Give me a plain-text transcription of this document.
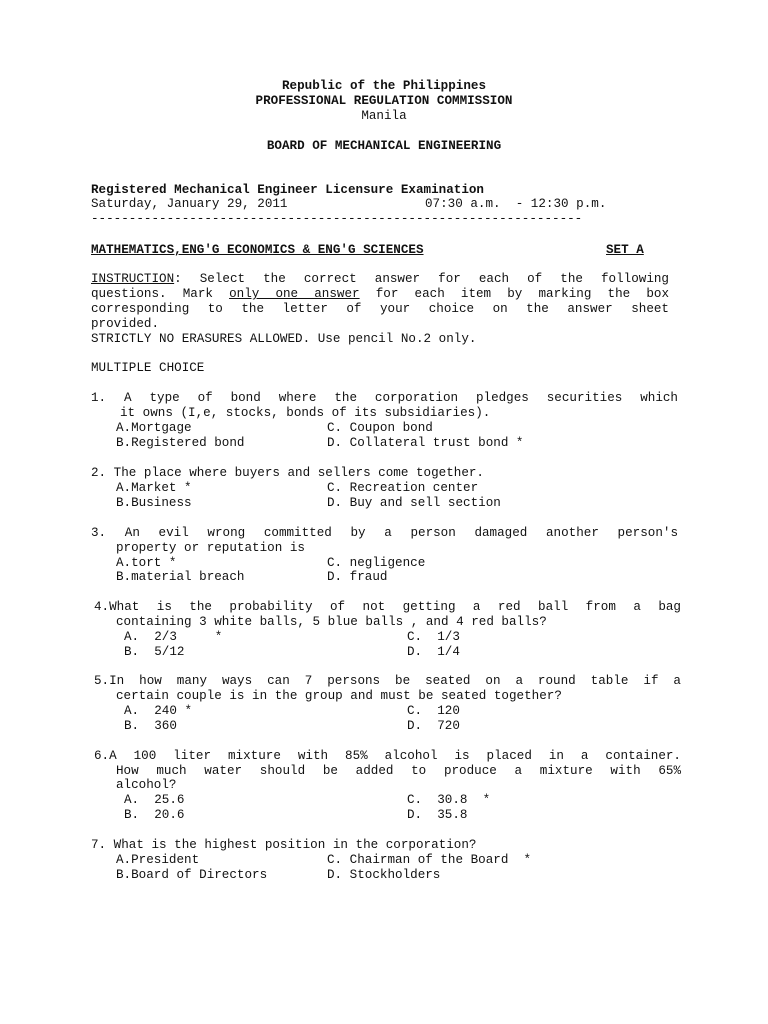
Republic of the Philippines
PROFESSIONAL REGULATION COMMISSION
Manila
BOARD OF MECHANICAL ENGINEERING
Registered Mechanical Engineer Licensure Examination
Saturday, January 29, 2011	07:30 a.m.  - 12:30 p.m.
-----------------------------------------------------------------
MATHEMATICS,ENG'G ECONOMICS & ENG'G SCIENCES	SET A
INSTRUCTION: Select the correct answer for each of the following
questions. Mark only one answer for each item by marking the box
corresponding to the letter of your choice on the answer sheet
provided.
STRICTLY NO ERASURES ALLOWED. Use pencil No.2 only.
MULTIPLE CHOICE
1. A type of bond where the corporation pledges securities which
it owns (I,e, stocks, bonds of its subsidiaries).
A.Mortgage	C. Coupon bond
B.Registered bond	D. Collateral trust bond *
2. The place where buyers and sellers come together.
A.Market *	C. Recreation center
B.Business	D. Buy and sell section
3. An evil wrong committed by a person damaged another person's
property or reputation is
A.tort *	C. negligence
B.material breach	D. fraud
4.What is the probability of not getting a red ball from a bag
containing 3 white balls, 5 blue balls , and 4 red balls?
A.  2/3     *	C.  1/3
B.  5/12	D.  1/4
5.In how many ways can 7 persons be seated on a round table if a
certain couple is in the group and must be seated together?
A.  240 *	C.  120
B.  360	D.  720
6.A 100 liter mixture with 85% alcohol is placed in a container.
How much water should be added to produce a mixture with 65%
alcohol?
A.  25.6	C.  30.8  *
B.  20.6	D.  35.8
7. What is the highest position in the corporation?
A.President	C. Chairman of the Board  *
B.Board of Directors	D. Stockholders
